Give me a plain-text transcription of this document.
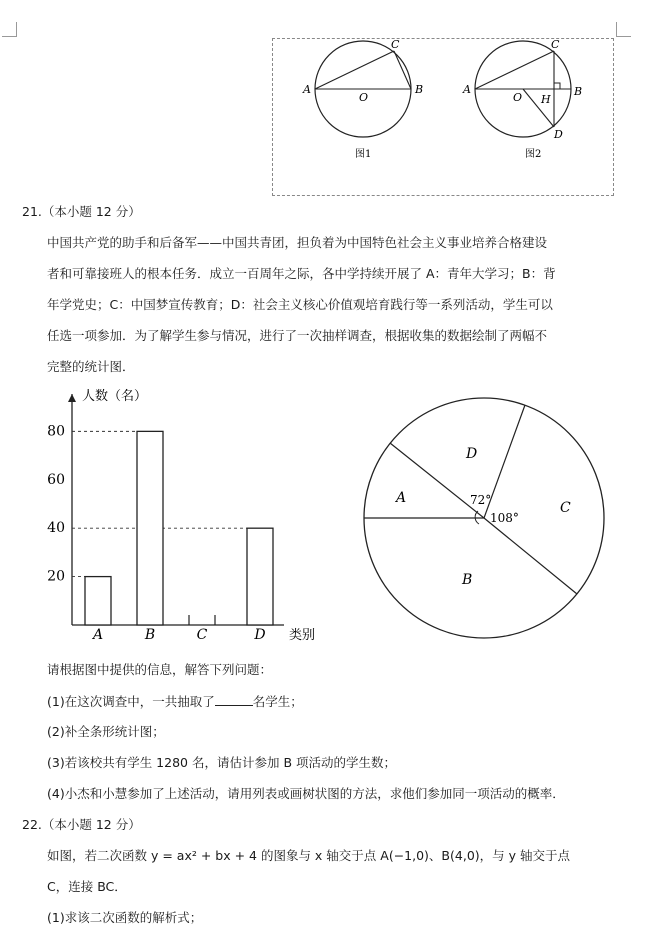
A	B
C
O
图1
A	B
C
O H
D
图2
21.（本小题 12 分）
中国共产党的助手和后备军——中国共青团，担负着为中国特色社会主义事业培养合格建设
者和可靠接班人的根本任务．成立一百周年之际，各中学持续开展了 A：青年大学习；B：背
年学党史；C：中国梦宣传教育；D：社会主义核心价值观培育践行等一系列活动，学生可以
任选一项参加．为了解学生参与情况，进行了一次抽样调查，根据收集的数据绘制了两幅不
完整的统计图．
20
40
60
80
A	B	C	D
人数（名）
类别
D
C
B
A	72°
108°
请根据图中提供的信息，解答下列问题：
(1)在这次调查中，一共抽取了	名学生；
(2)补全条形统计图；
(3)若该校共有学生 1280 名，请估计参加 B 项活动的学生数；
(4)小杰和小慧参加了上述活动，请用列表或画树状图的方法，求他们参加同一项活动的概率．
22.（本小题 12 分）
如图，若二次函数 y = ax² + bx + 4 的图象与 x 轴交于点 A(−1,0)、B(4,0)，与 y 轴交于点
C，连接 BC．
(1)求该二次函数的解析式；
